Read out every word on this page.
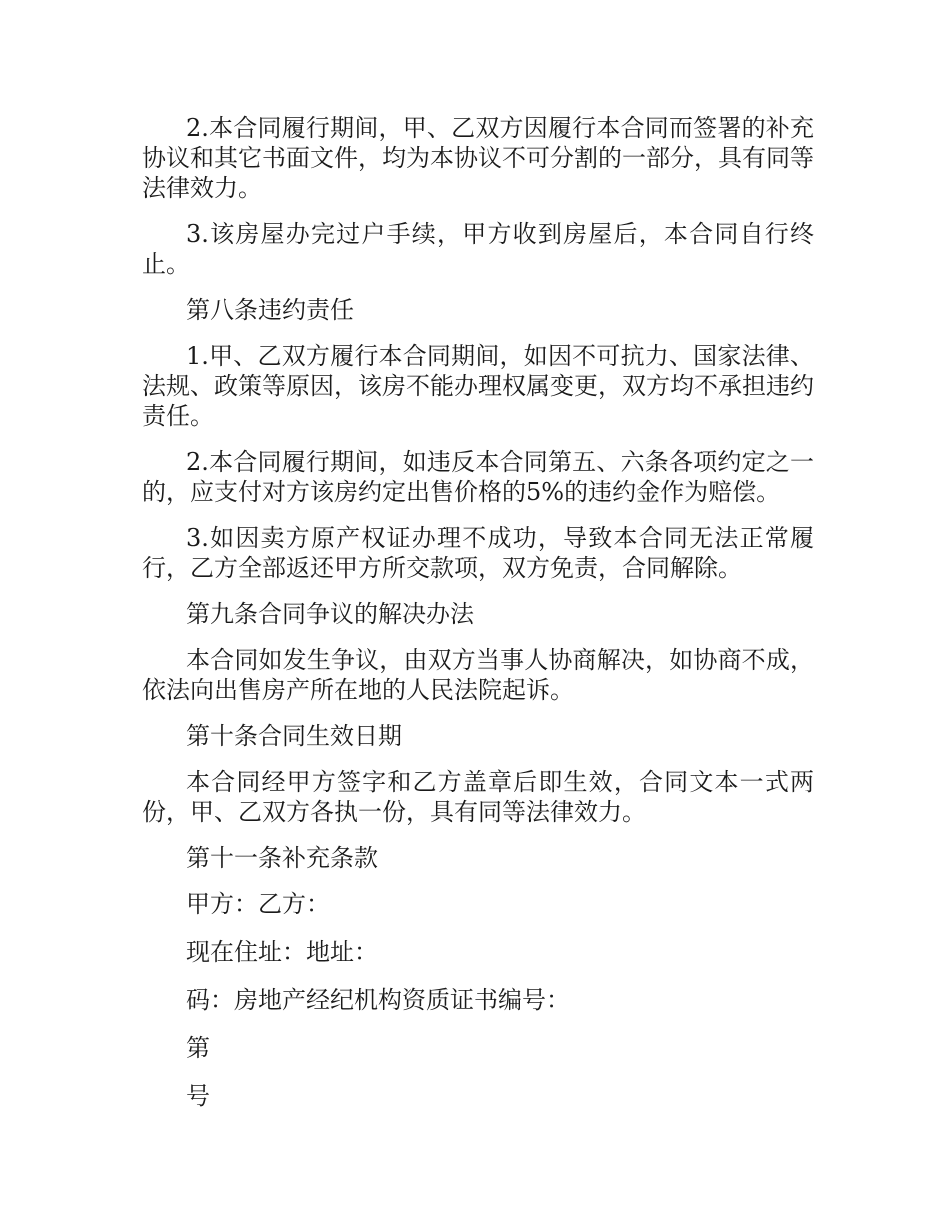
2.本合同履行期间，甲、乙双方因履行本合同而签署的补充协议和其它书面文件，均为本协议不可分割的一部分，具有同等法律效力。

3.该房屋办完过户手续，甲方收到房屋后，本合同自行终止。

第八条违约责任

1.甲、乙双方履行本合同期间，如因不可抗力、国家法律、法规、政策等原因，该房不能办理权属变更，双方均不承担违约责任。

2.本合同履行期间，如违反本合同第五、六条各项约定之一的，应支付对方该房约定出售价格的5%的违约金作为赔偿。

3.如因卖方原产权证办理不成功，导致本合同无法正常履行，乙方全部返还甲方所交款项，双方免责，合同解除。

第九条合同争议的解决办法

本合同如发生争议，由双方当事人协商解决，如协商不成，依法向出售房产所在地的人民法院起诉。

第十条合同生效日期

本合同经甲方签字和乙方盖章后即生效，合同文本一式两份，甲、乙双方各执一份，具有同等法律效力。

第十一条补充条款

甲方：乙方：

现在住址：地址：

码：房地产经纪机构资质证书编号：

第

号
